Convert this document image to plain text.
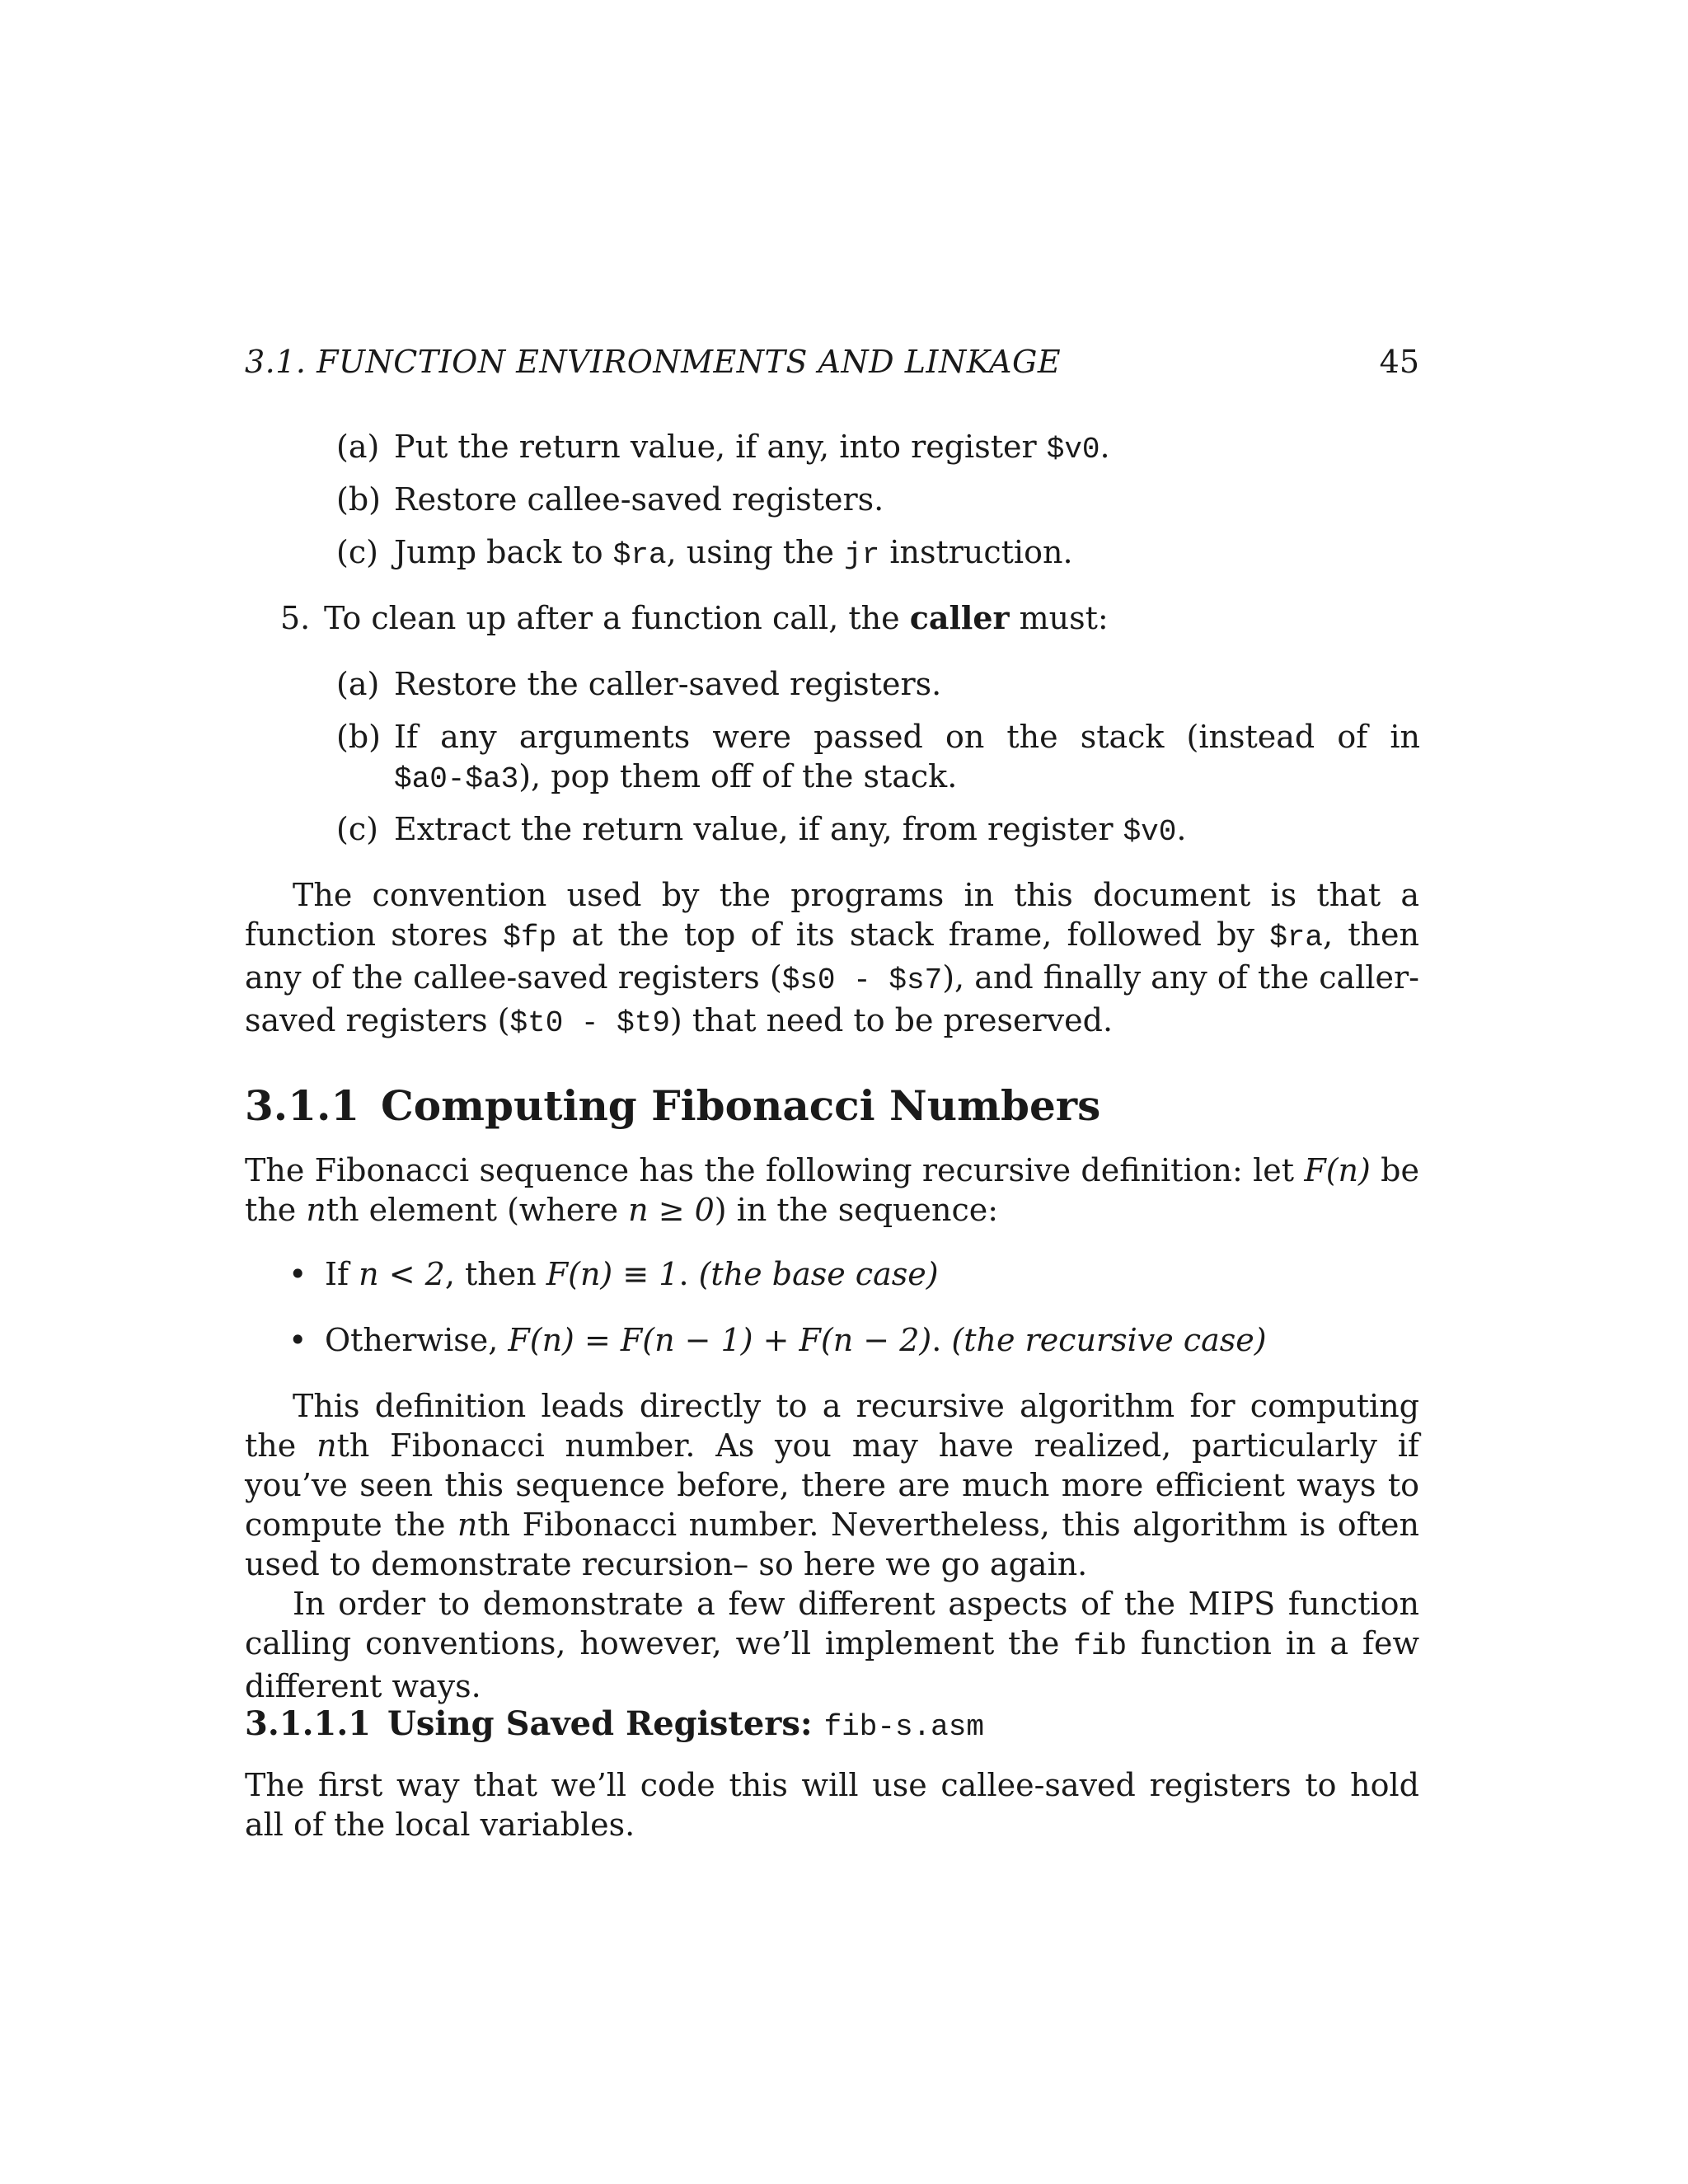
3.1. FUNCTION ENVIRONMENTS AND LINKAGE	45
(a) Put the return value, if any, into register $v0.
(b) Restore callee-saved registers.
(c) Jump back to $ra, using the jr instruction.
5. To clean up after a function call, the caller must:
(a) Restore the caller-saved registers.
(b) If any arguments were passed on the stack (instead of in $a0-$a3), pop them off of the stack.
(c) Extract the return value, if any, from register $v0.
The convention used by the programs in this document is that a function stores $fp at the top of its stack frame, followed by $ra, then any of the callee-saved registers ($s0 - $s7), and finally any of the caller-saved registers ($t0 - $t9) that need to be preserved.
3.1.1 Computing Fibonacci Numbers
The Fibonacci sequence has the following recursive definition: let F(n) be the nth element (where n ≥ 0) in the sequence:
• If n < 2, then F(n) ≡ 1. (the base case)
• Otherwise, F(n) = F(n − 1) + F(n − 2). (the recursive case)
This definition leads directly to a recursive algorithm for computing the nth Fibonacci number. As you may have realized, particularly if you’ve seen this sequence before, there are much more efficient ways to compute the nth Fibonacci number. Nevertheless, this algorithm is often used to demonstrate recursion– so here we go again.
In order to demonstrate a few different aspects of the MIPS function calling conventions, however, we’ll implement the fib function in a few different ways.
3.1.1.1 Using Saved Registers: fib-s.asm
The first way that we’ll code this will use callee-saved registers to hold all of the local variables.
